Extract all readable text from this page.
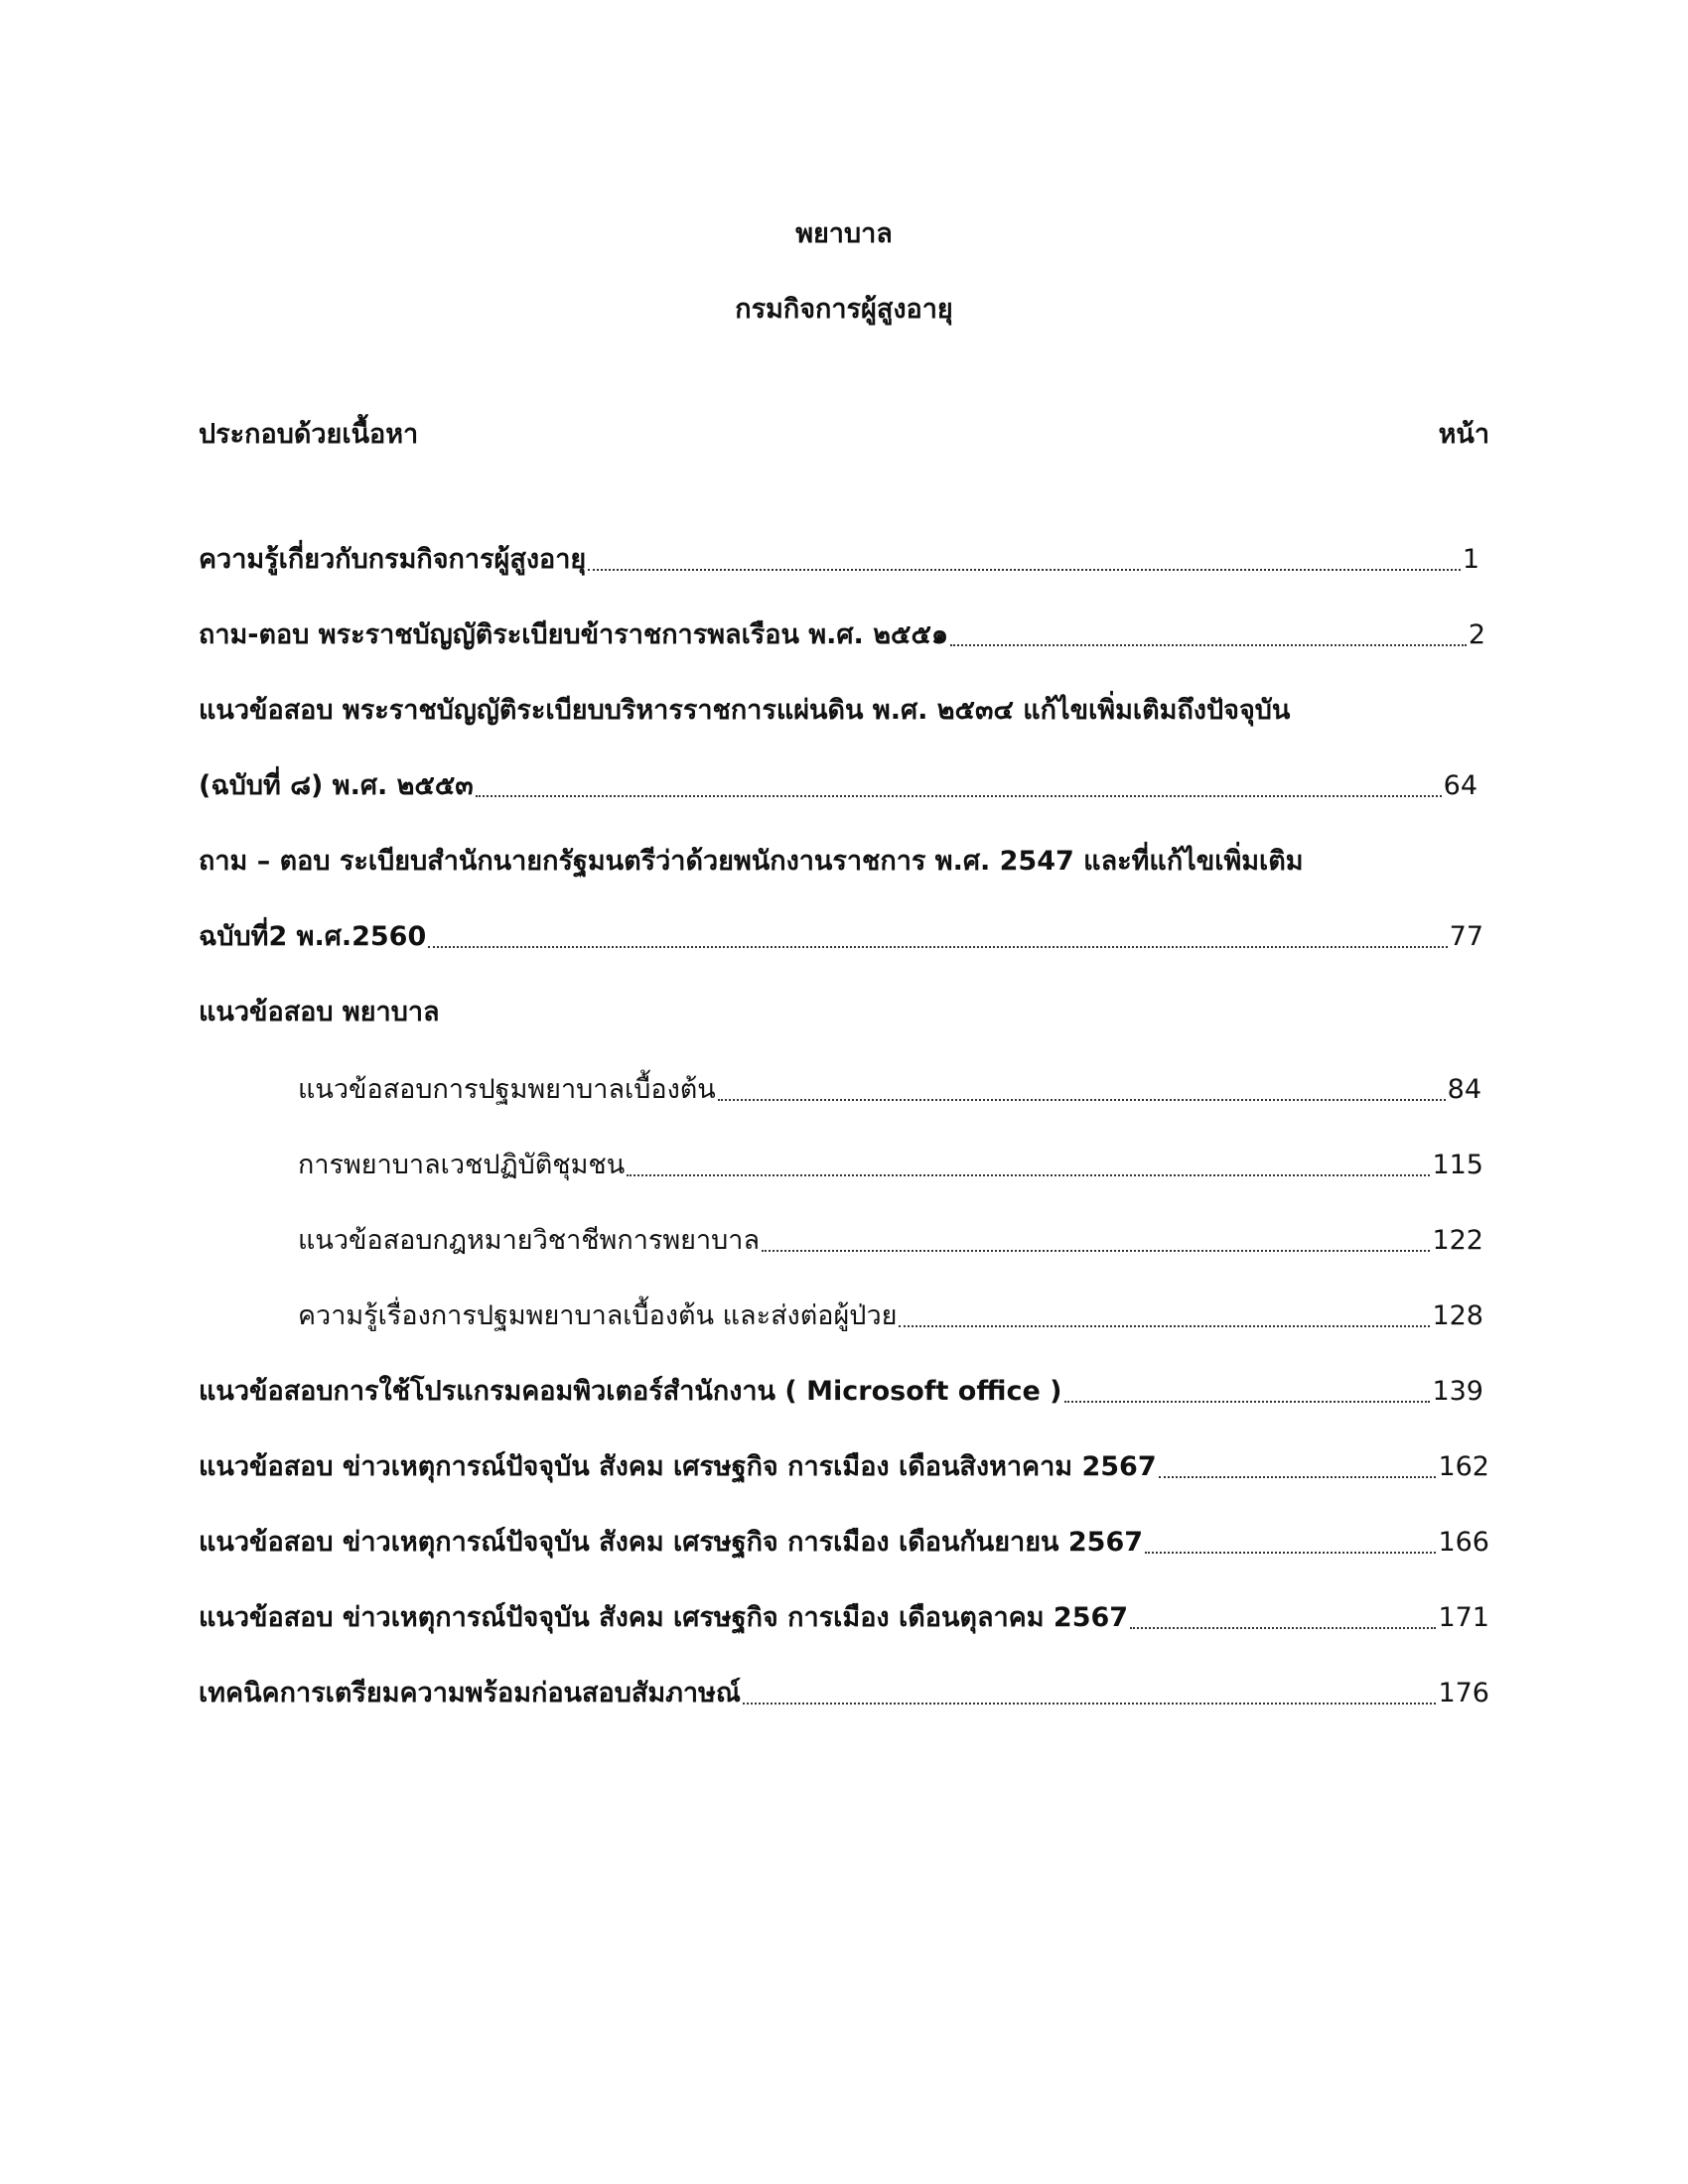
พยาบาล
กรมกิจการผู้สูงอายุ
ประกอบด้วยเนื้อหา	หน้า
ความรู้เกี่ยวกับกรมกิจการผู้สูงอายุ	1
ถาม-ตอบ พระราชบัญญัติระเบียบข้าราชการพลเรือน พ.ศ. ๒๕๕๑	2
แนวข้อสอบ พระราชบัญญัติระเบียบบริหารราชการแผ่นดิน พ.ศ. ๒๕๓๔ แก้ไขเพิ่มเติมถึงปัจจุบัน
(ฉบับที่ ๘) พ.ศ. ๒๕๕๓	64
ถาม – ตอบ ระเบียบสำนักนายกรัฐมนตรีว่าด้วยพนักงานราชการ พ.ศ. 2547 และที่แก้ไขเพิ่มเติม
ฉบับที่2 พ.ศ.2560	77
แนวข้อสอบ พยาบาล
แนวข้อสอบการปฐมพยาบาลเบื้องต้น	84
การพยาบาลเวชปฏิบัติชุมชน	115
แนวข้อสอบกฎหมายวิชาชีพการพยาบาล	122
ความรู้เรื่องการปฐมพยาบาลเบื้องต้น และส่งต่อผู้ป่วย	128
แนวข้อสอบการใช้โปรแกรมคอมพิวเตอร์สำนักงาน ( Microsoft office )	139
แนวข้อสอบ ข่าวเหตุการณ์ปัจจุบัน สังคม เศรษฐกิจ การเมือง เดือนสิงหาคาม 2567	162
แนวข้อสอบ ข่าวเหตุการณ์ปัจจุบัน สังคม เศรษฐกิจ การเมือง เดือนกันยายน 2567	166
แนวข้อสอบ ข่าวเหตุการณ์ปัจจุบัน สังคม เศรษฐกิจ การเมือง เดือนตุลาคม 2567	171
เทคนิคการเตรียมความพร้อมก่อนสอบสัมภาษณ์	176
